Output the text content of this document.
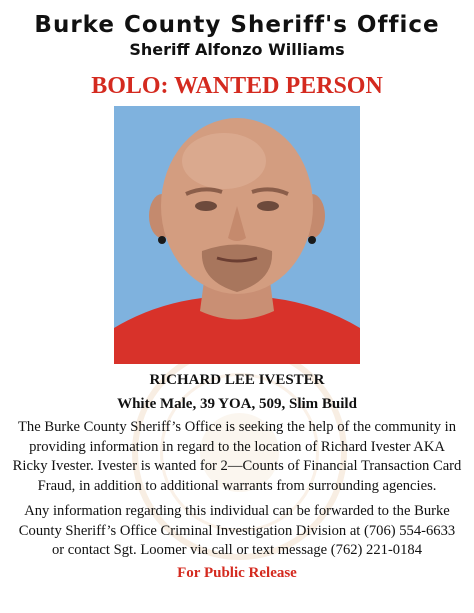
Burke County Sheriff's Office
Sheriff Alfonzo Williams
BOLO: WANTED PERSON
RICHARD LEE IVESTER
White Male, 39 YOA, 509, Slim Build
The Burke County Sheriff’s Office is seeking the help of the community in providing information in regard to the location of Richard Ivester AKA Ricky Ivester. Ivester is wanted for 2—Counts of Financial Transaction Card Fraud, in addition to additional warrants from surrounding agencies.
Any information regarding this individual can be forwarded to the Burke County Sheriff’s Office Criminal Investigation Division at (706) 554-6633 or contact Sgt. Loomer via call or text message (762) 221-0184
For Public Release
